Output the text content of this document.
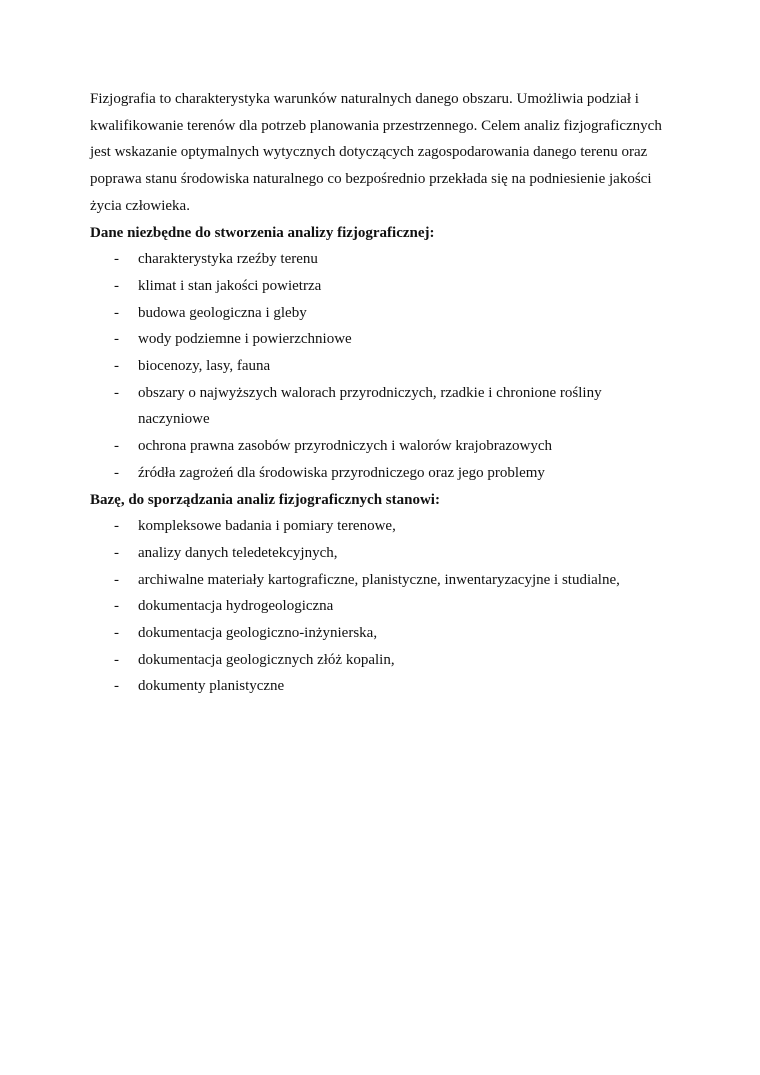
Fizjografia to charakterystyka warunków naturalnych danego obszaru. Umożliwia podział i kwalifikowanie terenów dla potrzeb planowania przestrzennego. Celem analiz fizjograficznych jest wskazanie optymalnych wytycznych dotyczących zagospodarowania danego terenu oraz poprawa stanu środowiska naturalnego co bezpośrednio przekłada się na podniesienie jakości życia człowieka.

Dane niezbędne do stworzenia analizy fizjograficznej:

- charakterystyka rzeźby terenu
- klimat i stan jakości powietrza
- budowa geologiczna i gleby
- wody podziemne i powierzchniowe
- biocenozy, lasy, fauna
- obszary o najwyższych walorach przyrodniczych, rzadkie i chronione rośliny naczyniowe
- ochrona prawna zasobów przyrodniczych i walorów krajobrazowych
- źródła zagrożeń dla środowiska przyrodniczego oraz jego problemy

Bazę, do sporządzania analiz fizjograficznych stanowi:

- kompleksowe badania i pomiary terenowe,
- analizy danych teledetekcyjnych,
- archiwalne materiały kartograficzne, planistyczne, inwentaryzacyjne i studialne,
- dokumentacja hydrogeologiczna
- dokumentacja geologiczno-inżynierska,
- dokumentacja geologicznych złóż kopalin,
- dokumenty planistyczne
